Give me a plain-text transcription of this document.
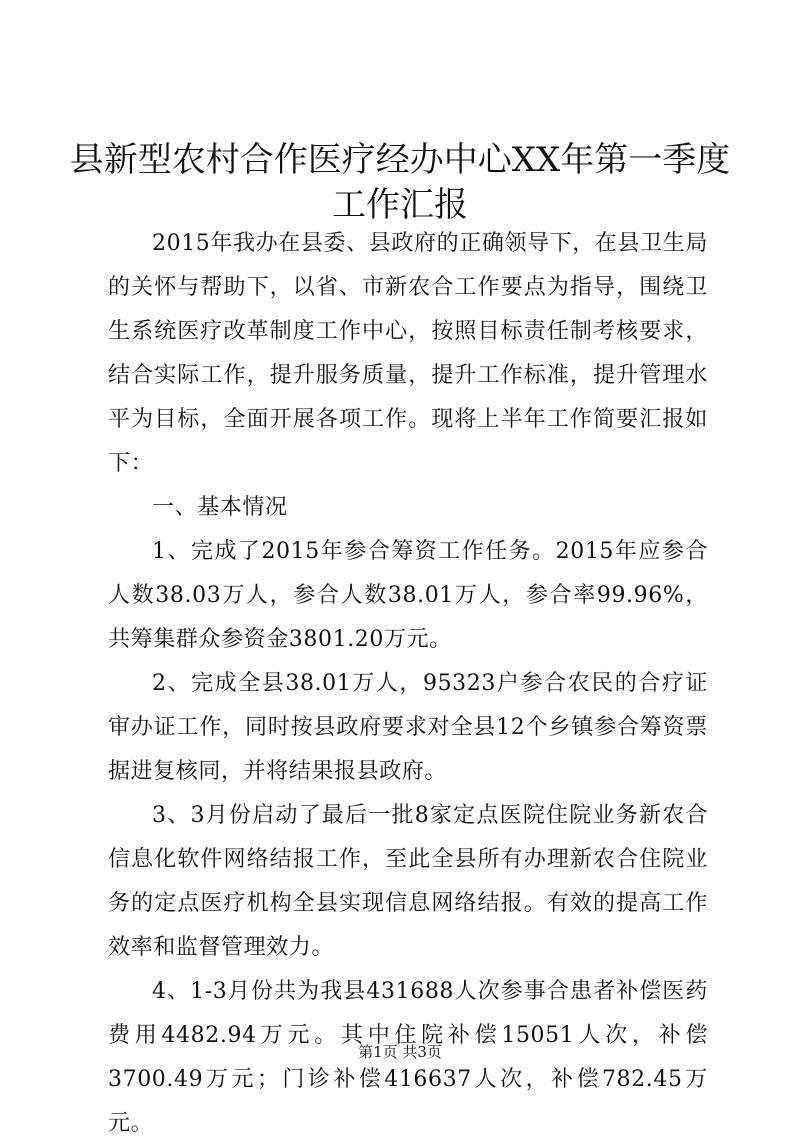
县新型农村合作医疗经办中心XX年第一季度
工作汇报

2015年我办在县委、县政府的正确领导下，在县卫生局的关怀与帮助下，以省、市新农合工作要点为指导，围绕卫生系统医疗改革制度工作中心，按照目标责任制考核要求，结合实际工作，提升服务质量，提升工作标准，提升管理水平为目标，全面开展各项工作。现将上半年工作简要汇报如下：

一、基本情况

1、完成了2015年参合筹资工作任务。2015年应参合人数38.03万人，参合人数38.01万人，参合率99.96%，共筹集群众参资金3801.20万元。

2、完成全县38.01万人，95323户参合农民的合疗证审办证工作，同时按县政府要求对全县12个乡镇参合筹资票据进复核同，并将结果报县政府。

3、3月份启动了最后一批8家定点医院住院业务新农合信息化软件网络结报工作，至此全县所有办理新农合住院业务的定点医疗机构全县实现信息网络结报。有效的提高工作效率和监督管理效力。

4、1-3月份共为我县431688人次参事合患者补偿医药费用4482.94万元。其中住院补偿15051人次，补偿3700.49万元；门诊补偿416637人次，补偿782.45万元。

第1页 共3页
